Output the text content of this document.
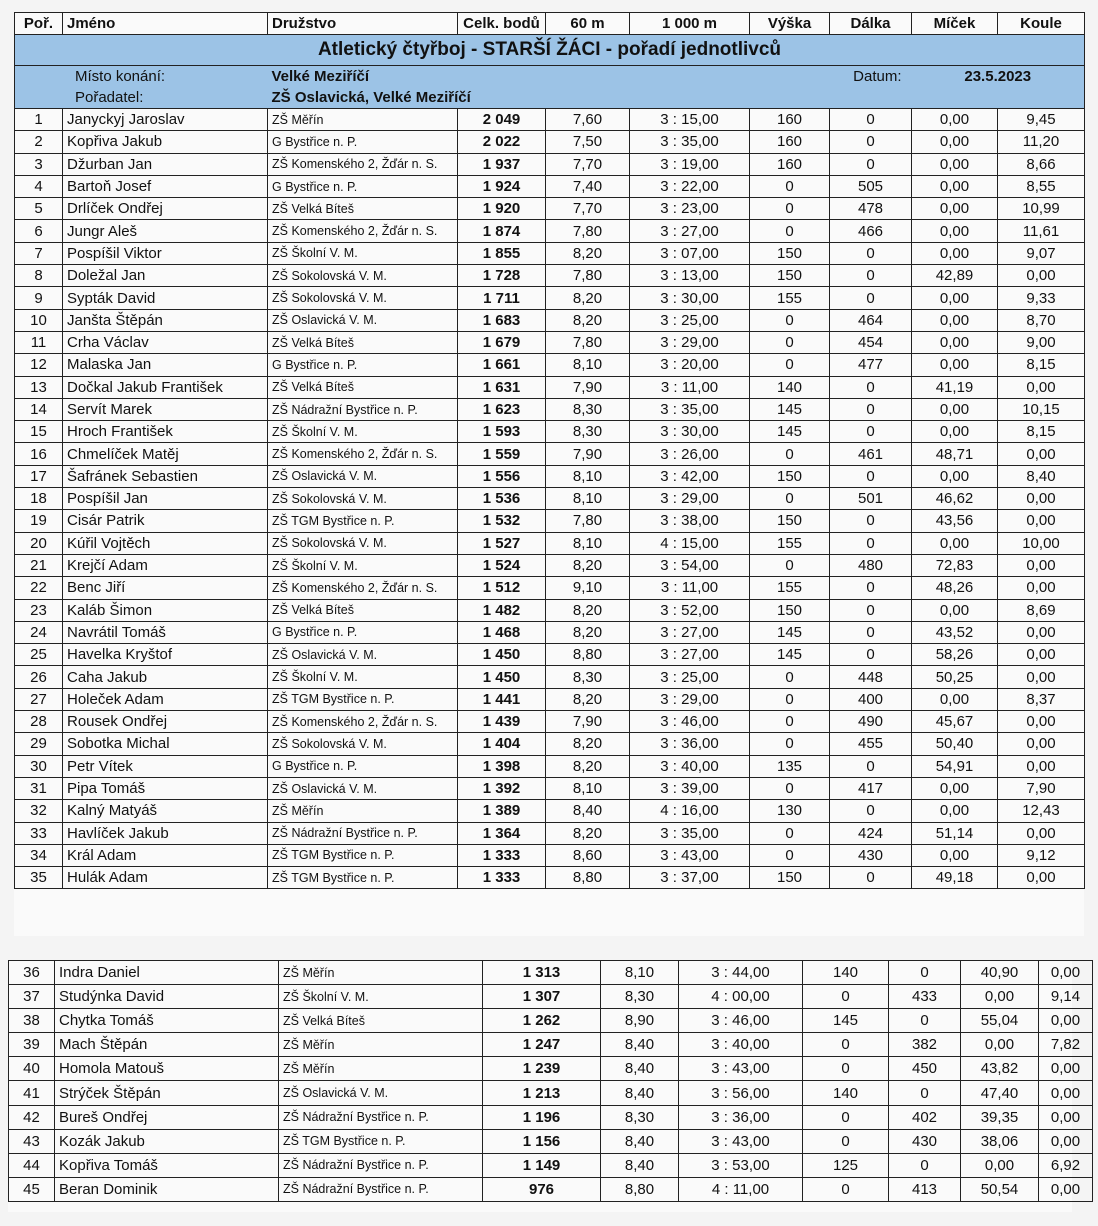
Atletický čtyřboj - STARŠÍ ŽÁCI - pořadí jednotlivců									
Místo konání:		Velké Meziříčí				Datum:		23.5.2023	
Pořadatel:		ZŠ Oslavická, Velké Meziříčí							
Poř.	Jméno	Družstvo	Celk. bodů	60 m	1 000 m	Výška	Dálka	Míček	Koule
1	Janyckyj Jaroslav	ZŠ Měřín	2 049	7,60	3 : 15,00	160	0	0,00	9,45
2	Kopřiva Jakub	G Bystřice n. P.	2 022	7,50	3 : 35,00	160	0	0,00	11,20
3	Džurban Jan	ZŠ Komenského 2, Žďár n. S.	1 937	7,70	3 : 19,00	160	0	0,00	8,66
4	Bartoň Josef	G Bystřice n. P.	1 924	7,40	3 : 22,00	0	505	0,00	8,55
5	Drlíček Ondřej	ZŠ Velká Bíteš	1 920	7,70	3 : 23,00	0	478	0,00	10,99
6	Jungr Aleš	ZŠ Komenského 2, Žďár n. S.	1 874	7,80	3 : 27,00	0	466	0,00	11,61
7	Pospíšil Viktor	ZŠ Školní V. M.	1 855	8,20	3 : 07,00	150	0	0,00	9,07
8	Doležal Jan	ZŠ Sokolovská V. M.	1 728	7,80	3 : 13,00	150	0	42,89	0,00
9	Sypták David	ZŠ Sokolovská V. M.	1 711	8,20	3 : 30,00	155	0	0,00	9,33
10	Janšta Štěpán	ZŠ Oslavická V. M.	1 683	8,20	3 : 25,00	0	464	0,00	8,70
11	Crha Václav	ZŠ Velká Bíteš	1 679	7,80	3 : 29,00	0	454	0,00	9,00
12	Malaska Jan	G Bystřice n. P.	1 661	8,10	3 : 20,00	0	477	0,00	8,15
13	Dočkal Jakub František	ZŠ Velká Bíteš	1 631	7,90	3 : 11,00	140	0	41,19	0,00
14	Servít Marek	ZŠ Nádražní Bystřice n. P.	1 623	8,30	3 : 35,00	145	0	0,00	10,15
15	Hroch František	ZŠ Školní V. M.	1 593	8,30	3 : 30,00	145	0	0,00	8,15
16	Chmelíček Matěj	ZŠ Komenského 2, Žďár n. S.	1 559	7,90	3 : 26,00	0	461	48,71	0,00
17	Šafránek Sebastien	ZŠ Oslavická V. M.	1 556	8,10	3 : 42,00	150	0	0,00	8,40
18	Pospíšil Jan	ZŠ Sokolovská V. M.	1 536	8,10	3 : 29,00	0	501	46,62	0,00
19	Cisár Patrik	ZŠ TGM Bystřice n. P.	1 532	7,80	3 : 38,00	150	0	43,56	0,00
20	Kúřil Vojtěch	ZŠ Sokolovská V. M.	1 527	8,10	4 : 15,00	155	0	0,00	10,00
21	Krejčí Adam	ZŠ Školní V. M.	1 524	8,20	3 : 54,00	0	480	72,83	0,00
22	Benc Jiří	ZŠ Komenského 2, Žďár n. S.	1 512	9,10	3 : 11,00	155	0	48,26	0,00
23	Kaláb Šimon	ZŠ Velká Bíteš	1 482	8,20	3 : 52,00	150	0	0,00	8,69
24	Navrátil Tomáš	G Bystřice n. P.	1 468	8,20	3 : 27,00	145	0	43,52	0,00
25	Havelka Kryštof	ZŠ Oslavická V. M.	1 450	8,80	3 : 27,00	145	0	58,26	0,00
26	Caha Jakub	ZŠ Školní V. M.	1 450	8,30	3 : 25,00	0	448	50,25	0,00
27	Holeček Adam	ZŠ TGM Bystřice n. P.	1 441	8,20	3 : 29,00	0	400	0,00	8,37
28	Rousek Ondřej	ZŠ Komenského 2, Žďár n. S.	1 439	7,90	3 : 46,00	0	490	45,67	0,00
29	Sobotka Michal	ZŠ Sokolovská V. M.	1 404	8,20	3 : 36,00	0	455	50,40	0,00
30	Petr Vítek	G Bystřice n. P.	1 398	8,20	3 : 40,00	135	0	54,91	0,00
31	Pipa Tomáš	ZŠ Oslavická V. M.	1 392	8,10	3 : 39,00	0	417	0,00	7,90
32	Kalný Matyáš	ZŠ Měřín	1 389	8,40	4 : 16,00	130	0	0,00	12,43
33	Havlíček Jakub	ZŠ Nádražní Bystřice n. P.	1 364	8,20	3 : 35,00	0	424	51,14	0,00
34	Král Adam	ZŠ TGM Bystřice n. P.	1 333	8,60	3 : 43,00	0	430	0,00	9,12
35	Hulák Adam	ZŠ TGM Bystřice n. P.	1 333	8,80	3 : 37,00	150	0	49,18	0,00
36	Indra Daniel	ZŠ Měřín	1 313	8,10	3 : 44,00	140	0	40,90	0,00
37	Studýnka David	ZŠ Školní V. M.	1 307	8,30	4 : 00,00	0	433	0,00	9,14
38	Chytka Tomáš	ZŠ Velká Bíteš	1 262	8,90	3 : 46,00	145	0	55,04	0,00
39	Mach Štěpán	ZŠ Měřín	1 247	8,40	3 : 40,00	0	382	0,00	7,82
40	Homola Matouš	ZŠ Měřín	1 239	8,40	3 : 43,00	0	450	43,82	0,00
41	Strýček Štěpán	ZŠ Oslavická V. M.	1 213	8,40	3 : 56,00	140	0	47,40	0,00
42	Bureš Ondřej	ZŠ Nádražní Bystřice n. P.	1 196	8,30	3 : 36,00	0	402	39,35	0,00
43	Kozák Jakub	ZŠ TGM Bystřice n. P.	1 156	8,40	3 : 43,00	0	430	38,06	0,00
44	Kopřiva Tomáš	ZŠ Nádražní Bystřice n. P.	1 149	8,40	3 : 53,00	125	0	0,00	6,92
45	Beran Dominik	ZŠ Nádražní Bystřice n. P.	976	8,80	4 : 11,00	0	413	50,54	0,00
